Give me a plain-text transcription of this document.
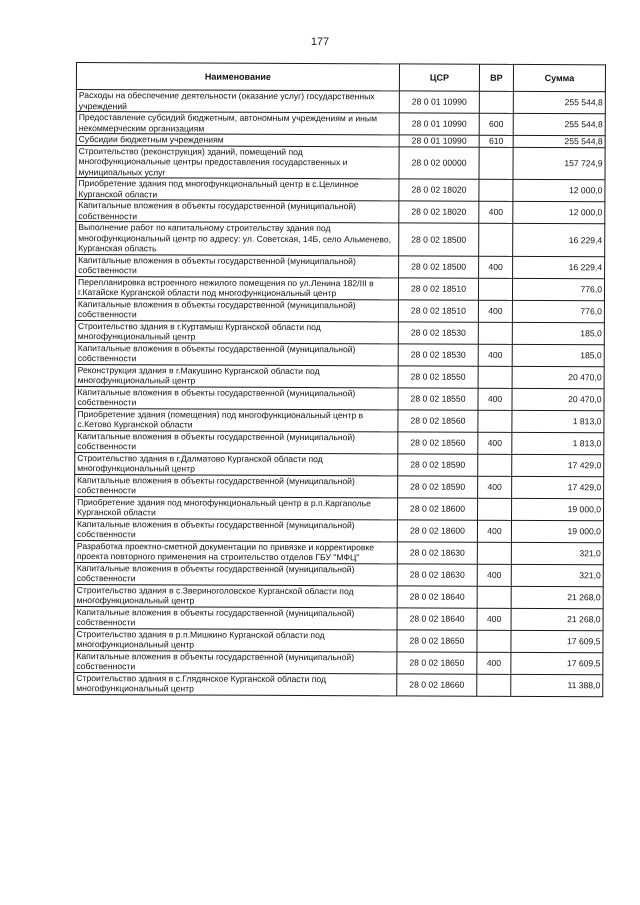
177
Наименование	ЦСР	ВР	Сумма
Расходы на обеспечение деятельности (оказание услуг) государственных учреждений	28 0 01 10990		255 544,8
Предоставление субсидий бюджетным, автономным учреждениям и иным некоммерческим организациям	28 0 01 10990	600	255 544,8
Субсидии бюджетным учреждениям	28 0 01 10990	610	255 544,8
Строительство (реконструкция) зданий, помещений под многофункциональные центры предоставления государственных и муниципальных услуг	28 0 02 00000		157 724,9
Приобретение здания под многофункциональный центр в с.Целинное Курганской области	28 0 02 18020		12 000,0
Капитальные вложения в объекты государственной (муниципальной) собственности	28 0 02 18020	400	12 000,0
Выполнение работ по капитальному строительству здания под многофункциональный центр по адресу: ул. Советская, 14Б, село Альменево, Курганская область	28 0 02 18500		16 229,4
Капитальные вложения в объекты государственной (муниципальной) собственности	28 0 02 18500	400	16 229,4
Перепланировка встроенного нежилого помещения по ул.Ленина 182/III в г.Катайске Курганской области под многофункциональный центр	28 0 02 18510		776,0
Капитальные вложения в объекты государственной (муниципальной) собственности	28 0 02 18510	400	776,0
Строительство здания в г.Куртамыш Курганской области под многофункциональный центр	28 0 02 18530		185,0
Капитальные вложения в объекты государственной (муниципальной) собственности	28 0 02 18530	400	185,0
Реконструкция здания в г.Макушино Курганской области под многофункциональный центр	28 0 02 18550		20 470,0
Капитальные вложения в объекты государственной (муниципальной) собственности	28 0 02 18550	400	20 470,0
Приобретение здания (помещения) под многофункциональный центр в с.Кетово Курганской области	28 0 02 18560		1 813,0
Капитальные вложения в объекты государственной (муниципальной) собственности	28 0 02 18560	400	1 813,0
Строительство здания в г.Далматово Курганской области под многофункциональный центр	28 0 02 18590		17 429,0
Капитальные вложения в объекты государственной (муниципальной) собственности	28 0 02 18590	400	17 429,0
Приобретение здания под многофункциональный центр в р.п.Каргаполье Курганской области	28 0 02 18600		19 000,0
Капитальные вложения в объекты государственной (муниципальной) собственности	28 0 02 18600	400	19 000,0
Разработка проектно-сметной документации по привязке и корректировке проекта повторного применения на строительство отделов ГБУ "МФЦ"	28 0 02 18630		321,0
Капитальные вложения в объекты государственной (муниципальной) собственности	28 0 02 18630	400	321,0
Строительство здания в с.Звериноголовское Курганской области под многофункциональный центр	28 0 02 18640		21 268,0
Капитальные вложения в объекты государственной (муниципальной) собственности	28 0 02 18640	400	21 268,0
Строительство здания в р.п.Мишкино Курганской области под многофункциональный центр	28 0 02 18650		17 609,5
Капитальные вложения в объекты государственной (муниципальной) собственности	28 0 02 18650	400	17 609,5
Строительство здания в с.Глядянское Курганской области под многофункциональный центр	28 0 02 18660		11 388,0
